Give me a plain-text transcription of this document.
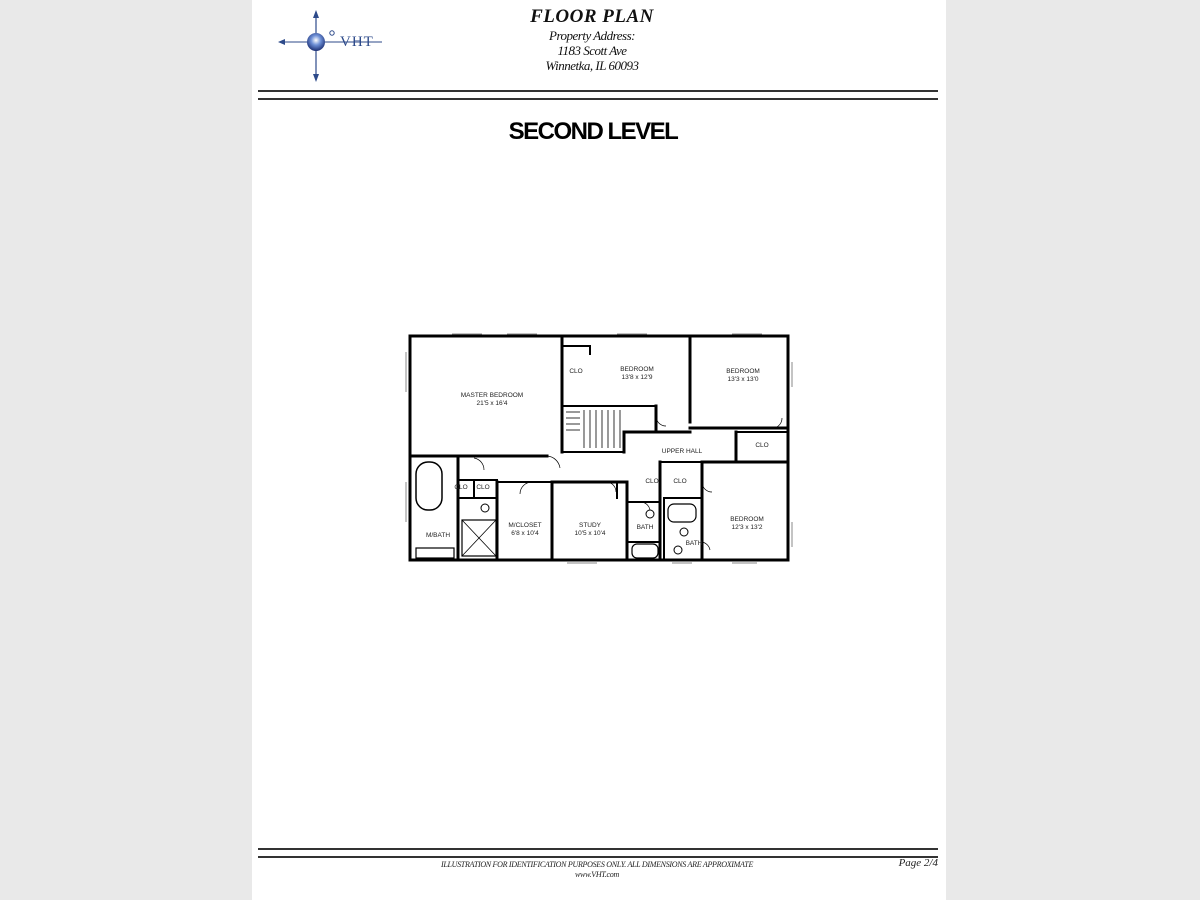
VHT
FLOOR PLAN
Property Address:
1183 Scott Ave
Winnetka, IL 60093
SECOND LEVEL
MASTER BEDROOM
21'5 x 16'4
BEDROOM
13'8 x 12'9
BEDROOM
13'3 x 13'0
BEDROOM
12'3 x 13'2
M/CLOSET
6'8 x 10'4
STUDY
10'5 x 10'4
M/BATH
BATH
BATH
UPPER HALL
CLO
CLO
CLO	CLO
CLO	CLO
ILLUSTRATION FOR IDENTIFICATION PURPOSES ONLY. ALL DIMENSIONS ARE APPROXIMATE
www.VHT.com
Page 2/4
